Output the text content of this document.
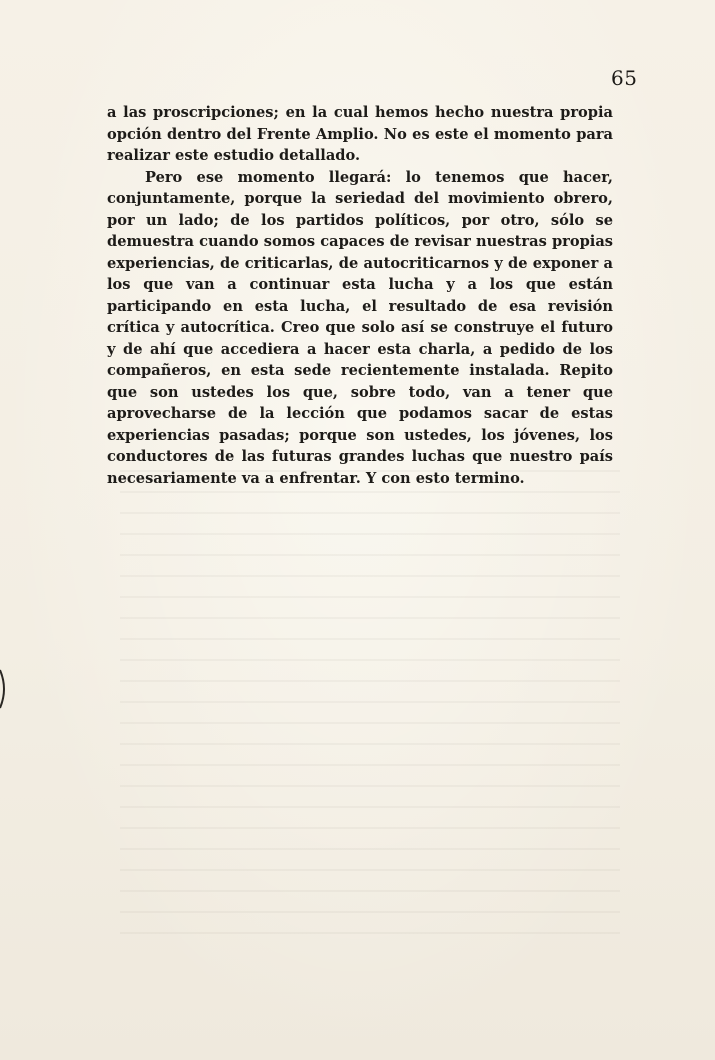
65

a las proscripciones; en la cual hemos hecho nuestra propia opción dentro del Frente Amplio. No es este el momento para realizar este estudio detallado.

Pero ese momento llegará: lo tenemos que hacer, conjuntamente, porque la seriedad del movimiento obrero, por un lado; de los partidos políticos, por otro, sólo se demuestra cuando somos capaces de revisar nuestras propias experiencias, de criticarlas, de autocriticarnos y de exponer a los que van a continuar esta lucha y a los que están participando en esta lucha, el resultado de esa revisión crítica y autocrítica. Creo que solo así se construye el futuro y de ahí que accediera a hacer esta charla, a pedido de los compañeros, en esta sede recientemente instalada. Repito que son ustedes los que, sobre todo, van a tener que aprovecharse de la lección que podamos sacar de estas experiencias pasadas; porque son ustedes, los jóvenes, los conductores de las futuras grandes luchas que nuestro país necesariamente va a enfrentar. Y con esto termino.
